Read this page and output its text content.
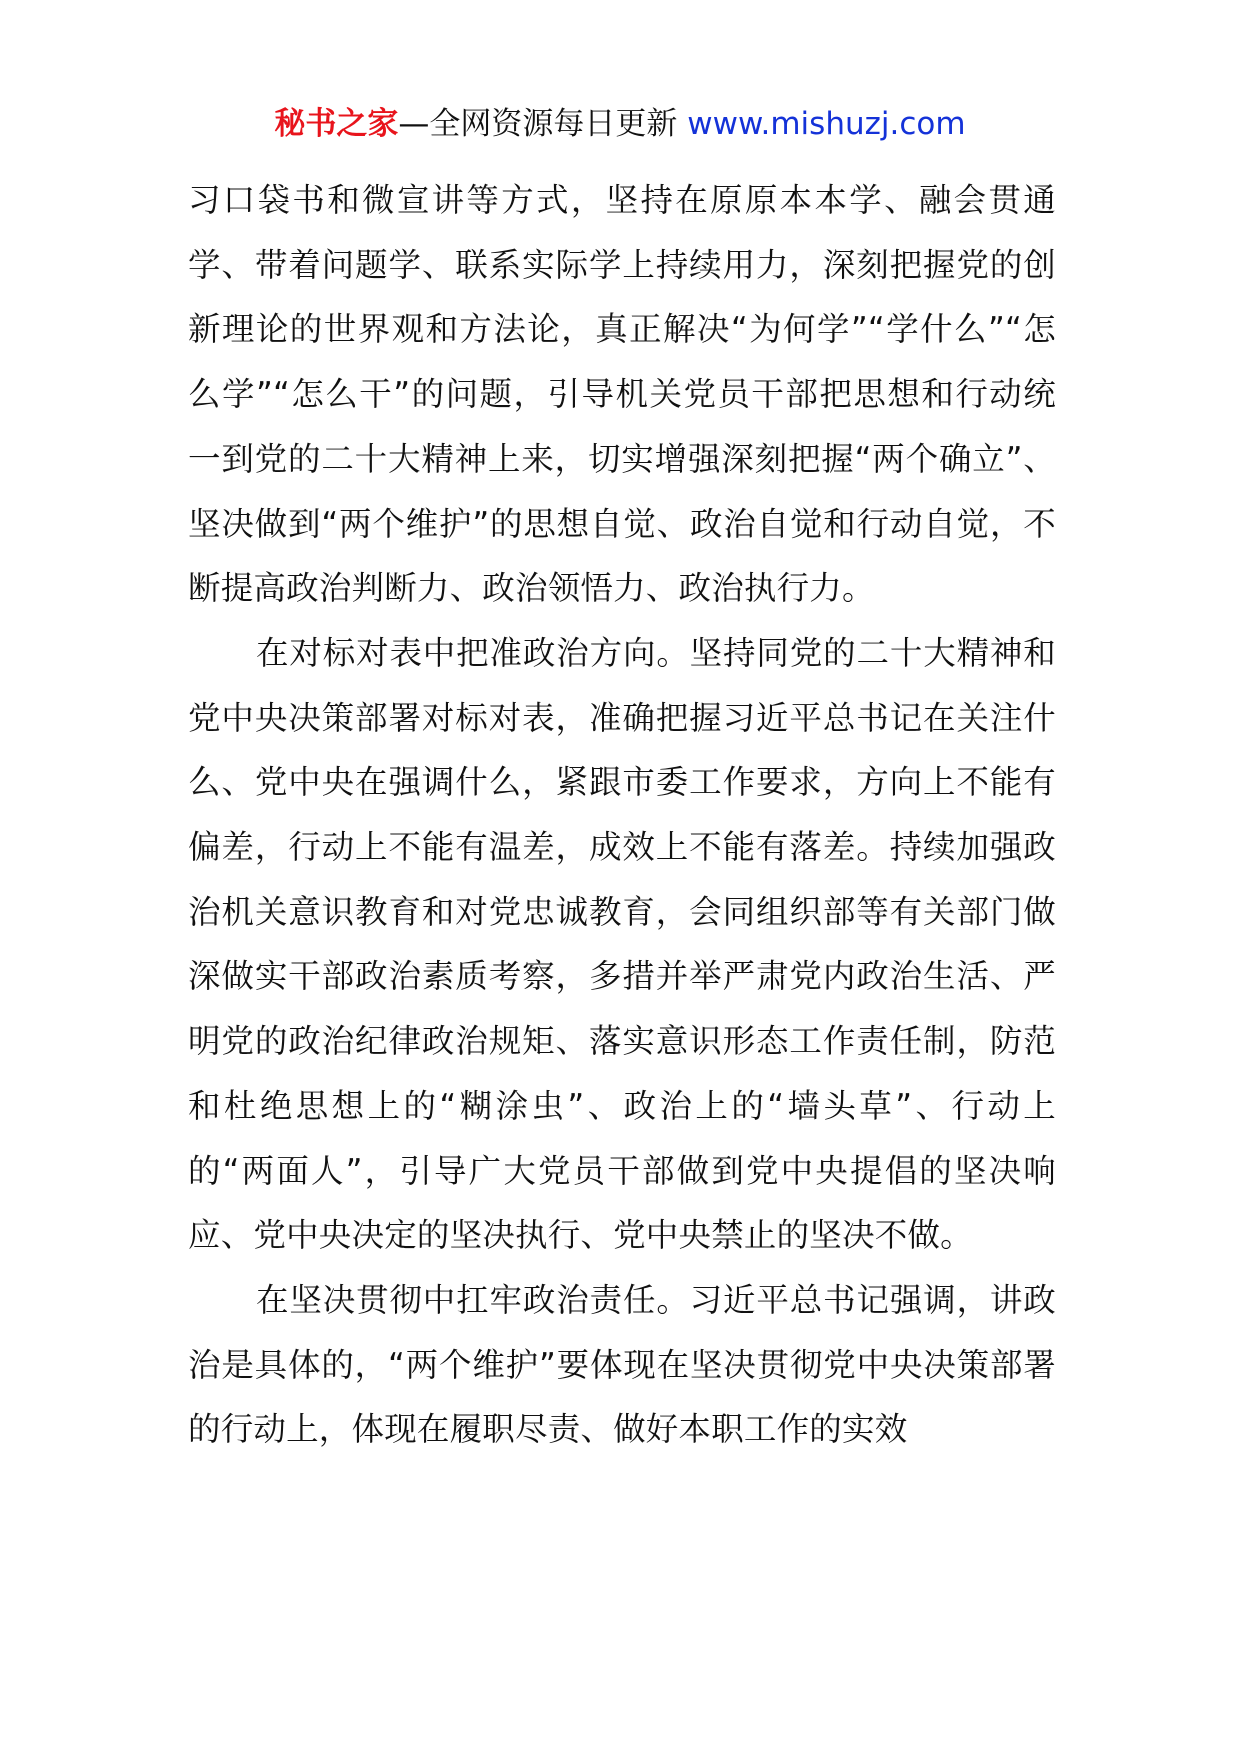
秘书之家—全网资源每日更新 www.mishuzj.com

习口袋书和微宣讲等方式，坚持在原原本本学、融会贯通学、带着问题学、联系实际学上持续用力，深刻把握党的创新理论的世界观和方法论，真正解决“为何学”“学什么”“怎么学”“怎么干”的问题，引导机关党员干部把思想和行动统一到党的二十大精神上来，切实增强深刻把握“两个确立”、坚决做到“两个维护”的思想自觉、政治自觉和行动自觉，不断提高政治判断力、政治领悟力、政治执行力。

在对标对表中把准政治方向。坚持同党的二十大精神和党中央决策部署对标对表，准确把握习近平总书记在关注什么、党中央在强调什么，紧跟市委工作要求，方向上不能有偏差，行动上不能有温差，成效上不能有落差。持续加强政治机关意识教育和对党忠诚教育，会同组织部等有关部门做深做实干部政治素质考察，多措并举严肃党内政治生活、严明党的政治纪律政治规矩、落实意识形态工作责任制，防范和杜绝思想上的“糊涂虫”、政治上的“墙头草”、行动上的“两面人”，引导广大党员干部做到党中央提倡的坚决响应、党中央决定的坚决执行、党中央禁止的坚决不做。

在坚决贯彻中扛牢政治责任。习近平总书记强调，讲政治是具体的，“两个维护”要体现在坚决贯彻党中央决策部署的行动上，体现在履职尽责、做好本职工作的实效
